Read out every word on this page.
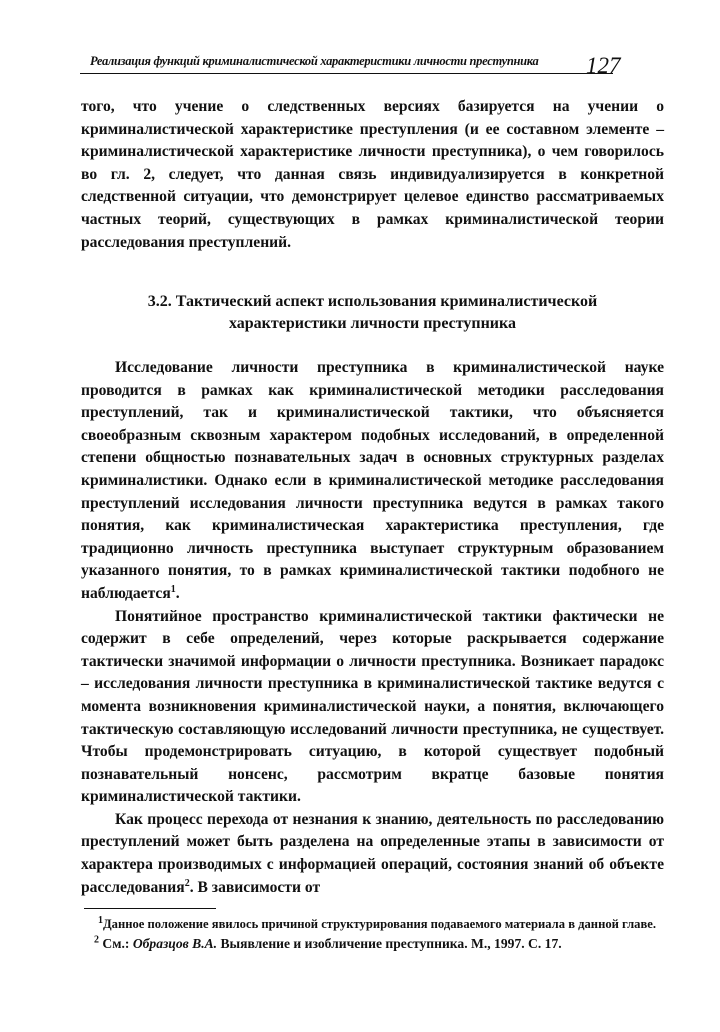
Реализация функций криминалистической характеристики личности преступника 127

того, что учение о следственных версиях базируется на учении о криминалистической характеристике преступления (и ее составном элементе – криминалистической характеристике личности преступника), о чем говорилось во гл. 2, следует, что данная связь индивидуализируется в конкретной следственной ситуации, что демонстрирует целевое единство рассматриваемых частных теорий, существующих в рамках криминалистической теории расследования преступлений.

3.2. Тактический аспект использования криминалистической
характеристики личности преступника

Исследование личности преступника в криминалистической науке проводится в рамках как криминалистической методики расследования преступлений, так и криминалистической тактики, что объясняется своеобразным сквозным характером подобных исследований, в определенной степени общностью познавательных задач в основных структурных разделах криминалистики. Однако если в криминалистической методике расследования преступлений исследования личности преступника ведутся в рамках такого понятия, как криминалистическая характеристика преступления, где традиционно личность преступника выступает структурным образованием указанного понятия, то в рамках криминалистической тактики подобного не наблюдается$^1$.

Понятийное пространство криминалистической тактики фактически не содержит в себе определений, через которые раскрывается содержание тактически значимой информации о личности преступника. Возникает парадокс – исследования личности преступника в криминалистической тактике ведутся с момента возникновения криминалистической науки, а понятия, включающего тактическую составляющую исследований личности преступника, не существует. Чтобы продемонстрировать ситуацию, в которой существует подобный познавательный нонсенс, рассмотрим вкратце базовые понятия криминалистической тактики.

Как процесс перехода от незнания к знанию, деятельность по расследованию преступлений может быть разделена на определенные этапы в зависимости от характера производимых с информацией операций, состояния знаний об объекте расследования$^2$. В зависимости от

$^1$Данное положение явилось причиной структурирования подаваемого материала в данной главе.

$^2$ См.: Образцов В.А. Выявление и изобличение преступника. М., 1997. С. 17.
